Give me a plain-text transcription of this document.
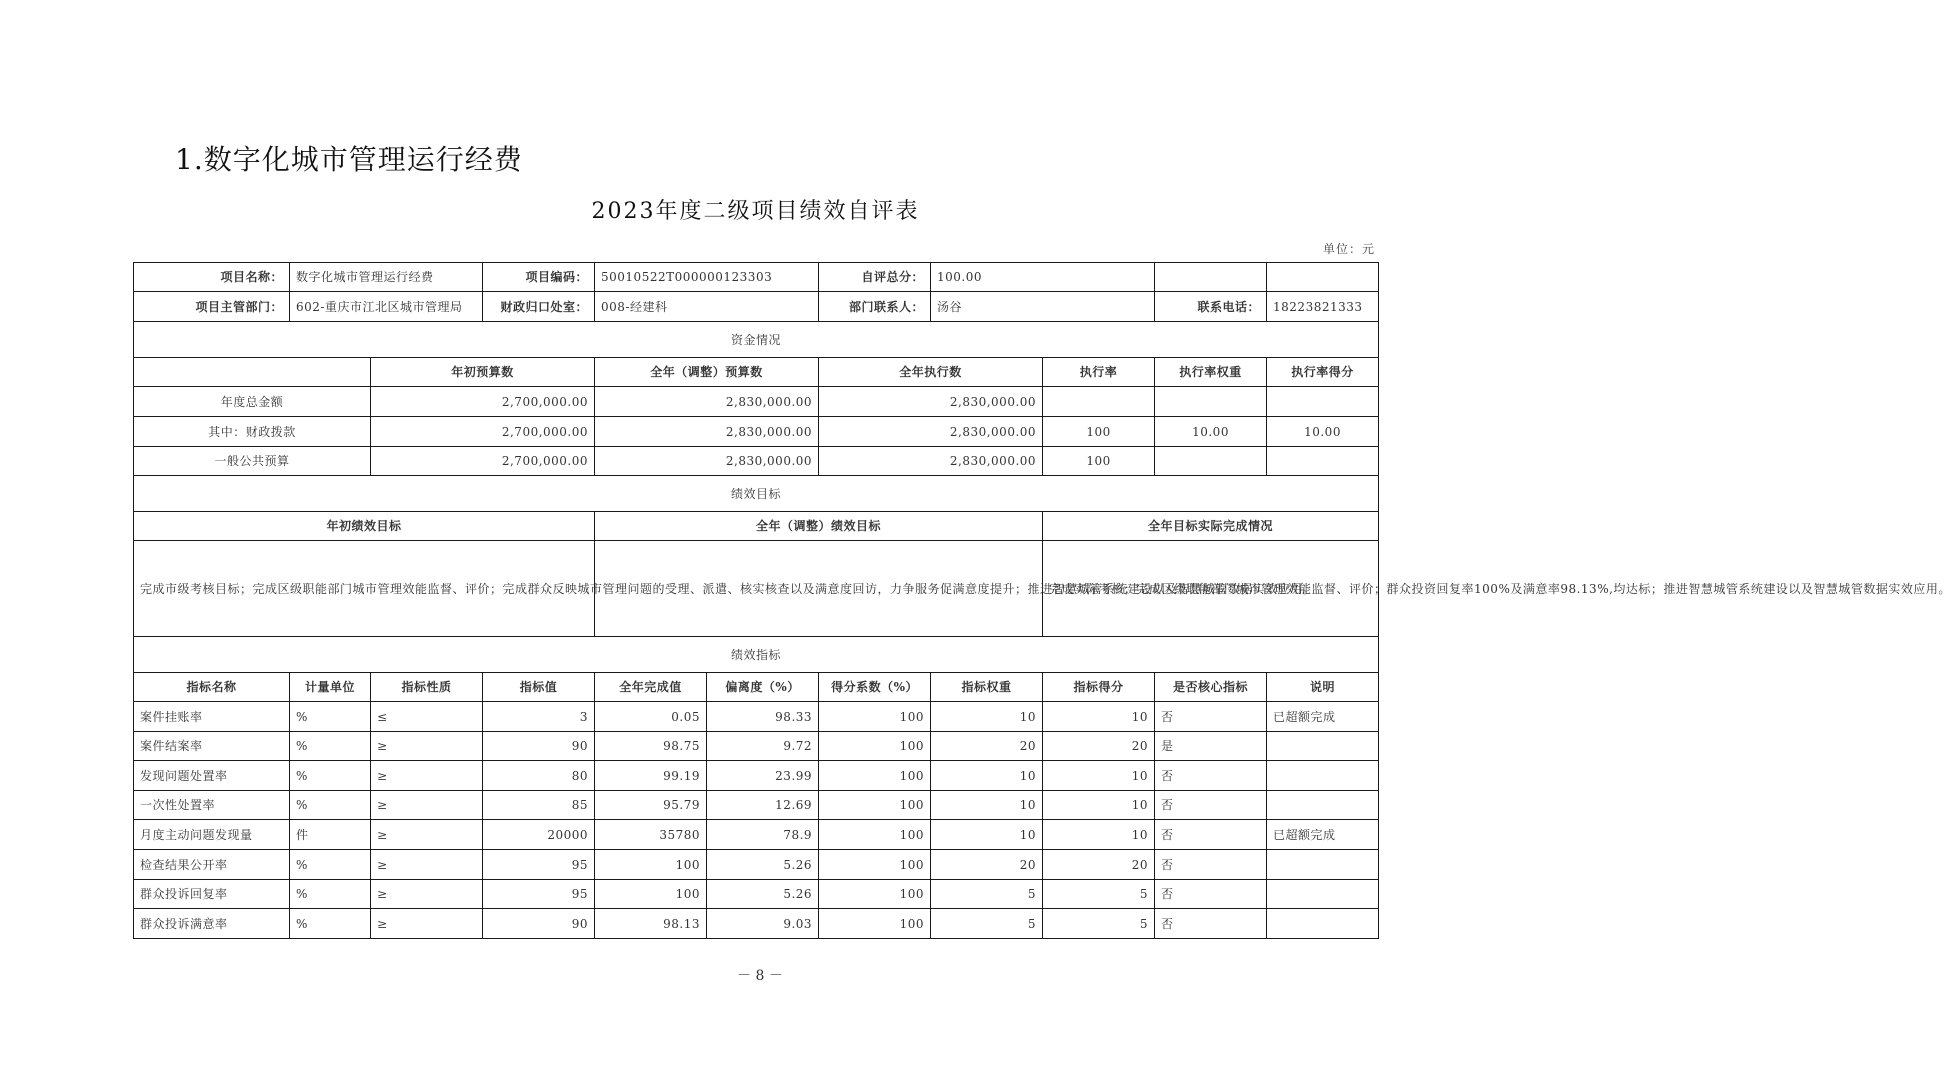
1.数字化城市管理运行经费
2023年度二级项目绩效自评表
单位：元
项目名称：	数字化城市管理运行经费		项目编码：	50010522T000000123303		自评总分：	100.00			
项目主管部门：	602-重庆市江北区城市管理局		财政归口处室：	008-经建科		部门联系人：	汤谷		联系电话：	18223821333
资金情况										
		年初预算数		全年（调整）预算数		全年执行数		执行率	执行率权重	执行率得分
年度总金额		2,700,000.00		2,830,000.00		2,830,000.00				
其中：财政拨款		2,700,000.00		2,830,000.00		2,830,000.00		100	10.00	10.00
一般公共预算		2,700,000.00		2,830,000.00		2,830,000.00		100		
绩效目标										
年初绩效目标				全年（调整）绩效目标				全年目标实际完成情况		
完成市级考核目标；完成区级职能部门城市管理效能监督、评价；完成群众反映城市管理问题的受理、派遣、核实核查以及满意度回访，力争服务促满意度提升；推进智慧城管系统建设以及智慧城管数据实效应用。								完成实际考核；完成区级职能部门城市管理效能监督、评价；群众投资回复率100%及满意率98.13%,均达标；推进智慧城管系统建设以及智慧城管数据实效应用。		
绩效指标										
指标名称	计量单位	指标性质	指标值	全年完成值	偏离度（%）	得分系数（%）	指标权重	指标得分	是否核心指标	说明
案件挂账率	%	≤	3	0.05	98.33	100	10	10	否	已超额完成
案件结案率	%	≥	90	98.75	9.72	100	20	20	是	
发现问题处置率	%	≥	80	99.19	23.99	100	10	10	否	
一次性处置率	%	≥	85	95.79	12.69	100	10	10	否	
月度主动问题发现量	件	≥	20000	35780	78.9	100	10	10	否	已超额完成
检查结果公开率	%	≥	95	100	5.26	100	20	20	否	
群众投诉回复率	%	≥	95	100	5.26	100	5	5	否	
群众投诉满意率	%	≥	90	98.13	9.03	100	5	5	否	
－ 8 －
